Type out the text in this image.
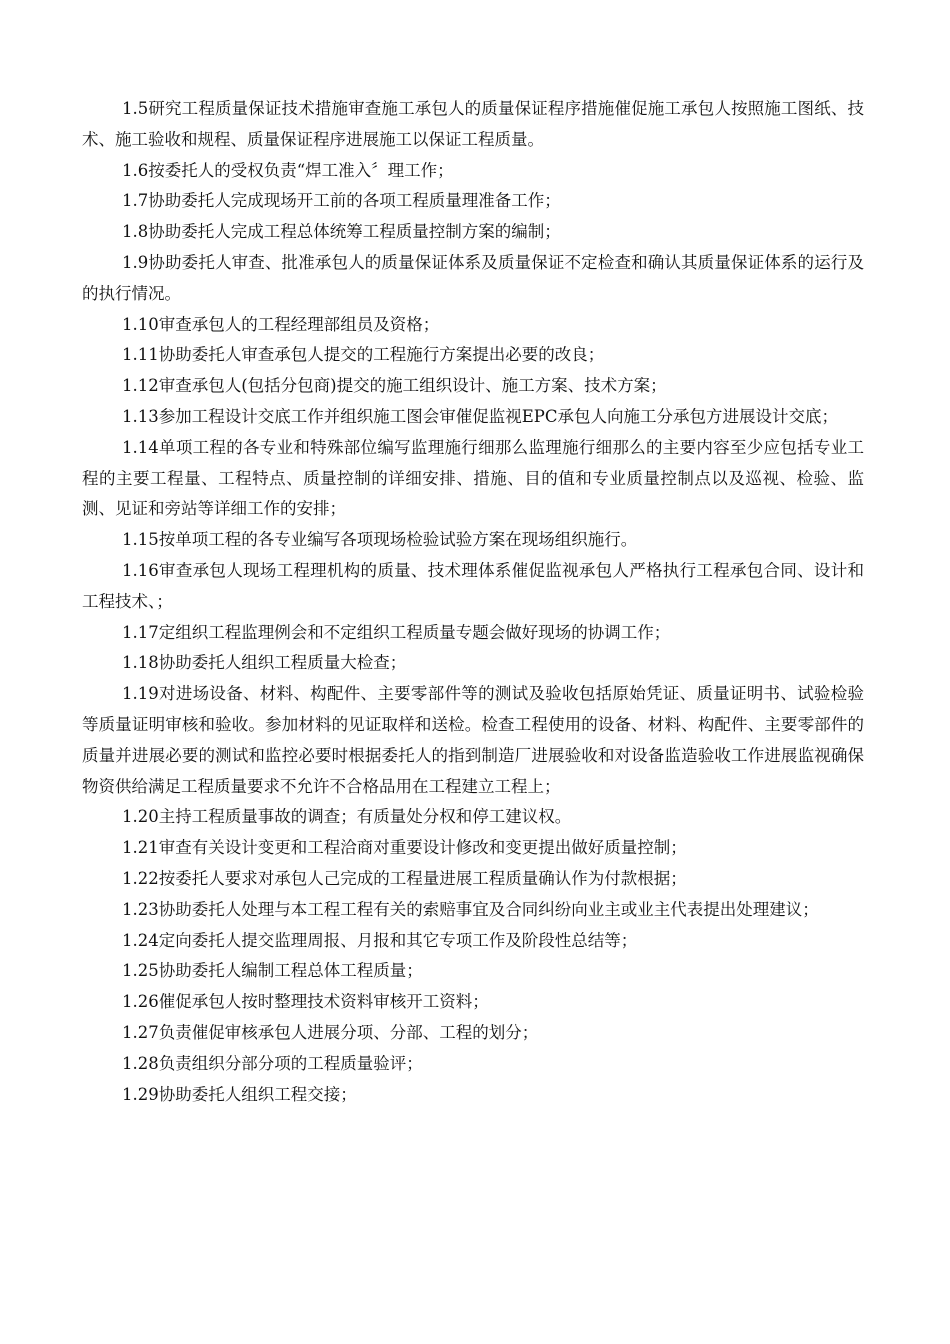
1.5研究工程质量保证技术措施审查施工承包人的质量保证程序措施催促施工承包人按照施工图纸、技术、施工验收和规程、质量保证程序进展施工以保证工程质量。

1.6按委托人的受权负责“焊工准入〞理工作；

1.7协助委托人完成现场开工前的各项工程质量理准备工作；

1.8协助委托人完成工程总体统筹工程质量控制方案的编制；

1.9协助委托人审查、批准承包人的质量保证体系及质量保证不定检查和确认其质量保证体系的运行及的执行情况。

1.10审查承包人的工程经理部组员及资格；

1.11协助委托人审查承包人提交的工程施行方案提出必要的改良；

1.12审查承包人(包括分包商)提交的施工组织设计、施工方案、技术方案；

1.13参加工程设计交底工作并组织施工图会审催促监视EPC承包人向施工分承包方进展设计交底；

1.14单项工程的各专业和特殊部位编写监理施行细那么监理施行细那么的主要内容至少应包括专业工程的主要工程量、工程特点、质量控制的详细安排、措施、目的值和专业质量控制点以及巡视、检验、监测、见证和旁站等详细工作的安排；

1.15按单项工程的各专业编写各项现场检验试验方案在现场组织施行。

1.16审查承包人现场工程理机构的质量、技术理体系催促监视承包人严格执行工程承包合同、设计和工程技术、；

1.17定组织工程监理例会和不定组织工程质量专题会做好现场的协调工作；

1.18协助委托人组织工程质量大检查；

1.19对进场设备、材料、构配件、主要零部件等的测试及验收包括原始凭证、质量证明书、试验检验等质量证明审核和验收。参加材料的见证取样和送检。检查工程使用的设备、材料、构配件、主要零部件的质量并进展必要的测试和监控必要时根据委托人的指到制造厂进展验收和对设备监造验收工作进展监视确保物资供给满足工程质量要求不允许不合格品用在工程建立工程上；

1.20主持工程质量事故的调查；有质量处分权和停工建议权。

1.21审查有关设计变更和工程洽商对重要设计修改和变更提出做好质量控制；

1.22按委托人要求对承包人己完成的工程量进展工程质量确认作为付款根据；

1.23协助委托人处理与本工程工程有关的索赔事宜及合同纠纷向业主或业主代表提出处理建议；

1.24定向委托人提交监理周报、月报和其它专项工作及阶段性总结等；

1.25协助委托人编制工程总体工程质量；

1.26催促承包人按时整理技术资料审核开工资料；

1.27负责催促审核承包人进展分项、分部、工程的划分；

1.28负责组织分部分项的工程质量验评；

1.29协助委托人组织工程交接；
